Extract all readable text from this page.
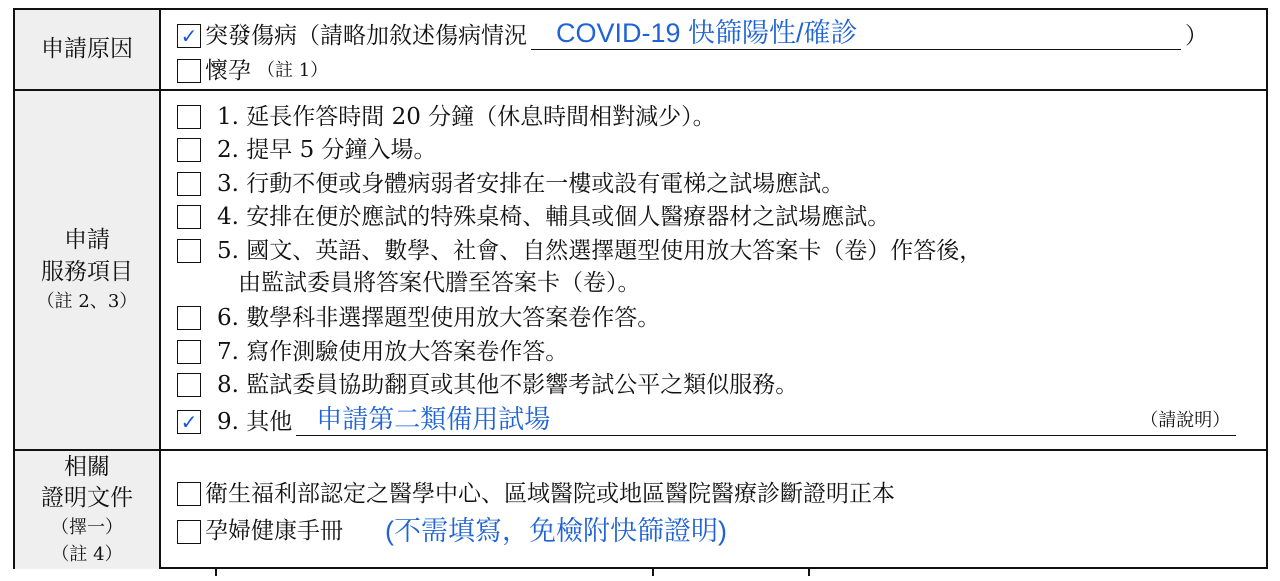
申請原因 ✓ 突發傷病（請略加敘述傷病情況 COVID-19 快篩陽性/確診	）
懷孕 （註 1）
申請
服務項目
（註 2、3）
1. 延長作答時間 20 分鐘（休息時間相對減少）。
2. 提早 5 分鐘入場。
3. 行動不便或身體病弱者安排在一樓或設有電梯之試場應試。
4. 安排在便於應試的特殊桌椅、輔具或個人醫療器材之試場應試。
5. 國文、英語、數學、社會、自然選擇題型使用放大答案卡（卷）作答後，
由監試委員將答案代謄至答案卡（卷）。
6. 數學科非選擇題型使用放大答案卷作答。
7. 寫作測驗使用放大答案卷作答。
8. 監試委員協助翻頁或其他不影響考試公平之類似服務。
✓ 9. 其他 申請第二類備用試場	（請說明）
相關
證明文件
（擇一）
（註 4）
衛生福利部認定之醫學中心、區域醫院或地區醫院醫療診斷證明正本
孕婦健康手冊 (不需填寫，免檢附快篩證明)
